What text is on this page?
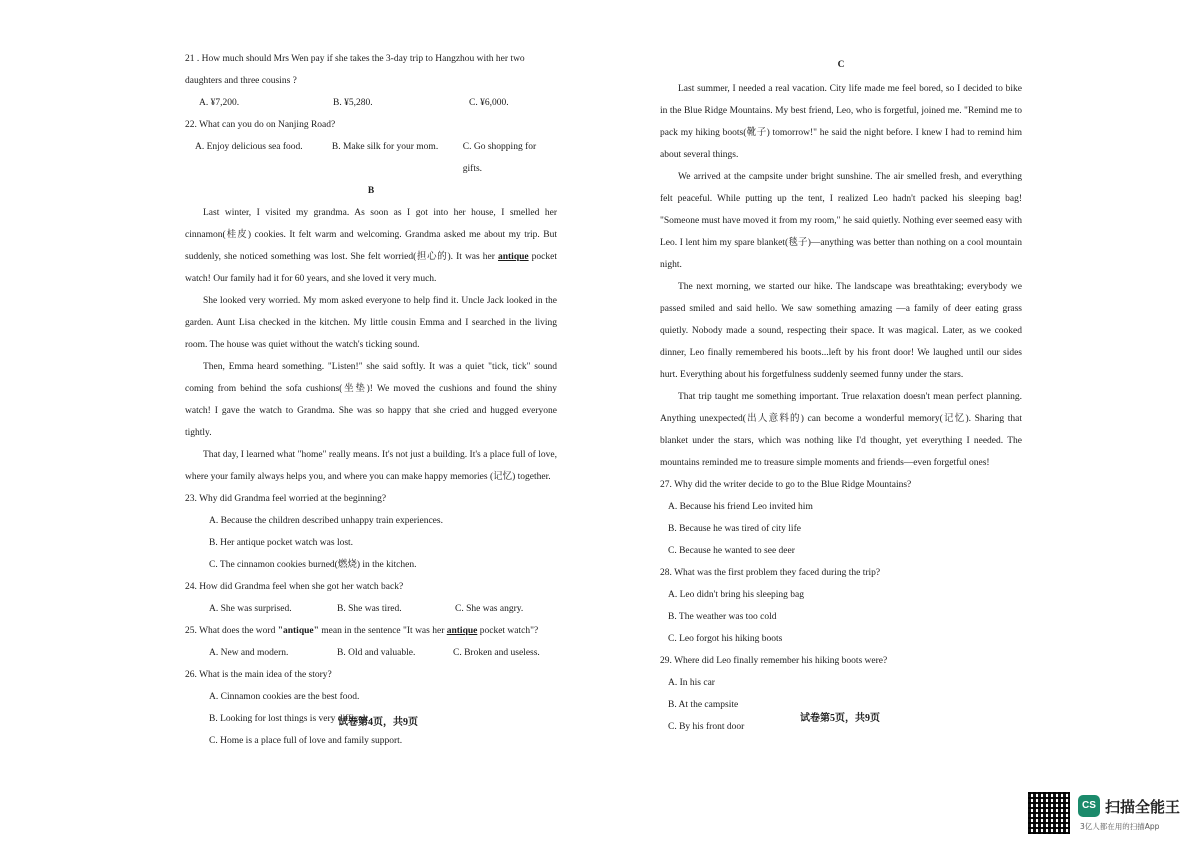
21 . How much should Mrs Wen pay if she takes the 3-day trip to Hangzhou with her two

daughters and three cousins ?

A. ¥7,200.	B. ¥5,280.	C. ¥6,000.

22. What can you do on Nanjing Road?

A. Enjoy delicious sea food.	B. Make silk for your mom.	C. Go shopping for gifts.

B

Last winter, I visited my grandma. As soon as I got into her house, I smelled her cinnamon(桂皮) cookies. It felt warm and welcoming. Grandma asked me about my trip. But suddenly, she noticed something was lost. She felt worried(担心的). It was her antique pocket watch! Our family had it for 60 years, and she loved it very much.

She looked very worried. My mom asked everyone to help find it. Uncle Jack looked in the garden. Aunt Lisa checked in the kitchen. My little cousin Emma and I searched in the living room. The house was quiet without the watch's ticking sound.

Then, Emma heard something. "Listen!" she said softly. It was a quiet "tick, tick" sound coming from behind the sofa cushions(坐垫)! We moved the cushions and found the shiny watch! I gave the watch to Grandma. She was so happy that she cried and hugged everyone tightly.

That day, I learned what "home" really means. It's not just a building. It's a place full of love, where your family always helps you, and where you can make happy memories (记忆) together.

23. Why did Grandma feel worried at the beginning?

A. Because the children described unhappy train experiences.

B. Her antique pocket watch was lost.

C. The cinnamon cookies burned(燃烧) in the kitchen.

24. How did Grandma feel when she got her watch back?

A. She was surprised.	B. She was tired.	C. She was angry.

25. What does the word "antique" mean in the sentence "It was her antique pocket watch"?

A. New and modern.	B. Old and valuable.	C. Broken and useless.

26. What is the main idea of the story?

A. Cinnamon cookies are the best food.

B. Looking for lost things is very difficult.

C. Home is a place full of love and family support.

试卷第4页，共9页

C

Last summer, I needed a real vacation. City life made me feel bored, so I decided to bike in the Blue Ridge Mountains. My best friend, Leo, who is forgetful, joined me. "Remind me to pack my hiking boots(靴子) tomorrow!" he said the night before. I knew I had to remind him about several things.

We arrived at the campsite under bright sunshine. The air smelled fresh, and everything felt peaceful. While putting up the tent, I realized Leo hadn't packed his sleeping bag! "Someone must have moved it from my room," he said quietly. Nothing ever seemed easy with Leo. I lent him my spare blanket(毯子)—anything was better than nothing on a cool mountain night.

The next morning, we started our hike. The landscape was breathtaking; everybody we passed smiled and said hello. We saw something amazing —a family of deer eating grass quietly. Nobody made a sound, respecting their space. It was magical. Later, as we cooked dinner, Leo finally remembered his boots...left by his front door! We laughed until our sides hurt. Everything about his forgetfulness suddenly seemed funny under the stars.

That trip taught me something important. True relaxation doesn't mean perfect planning. Anything unexpected(出人意料的) can become a wonderful memory(记忆). Sharing that blanket under the stars, which was nothing like I'd thought, yet everything I needed. The mountains reminded me to treasure simple moments and friends—even forgetful ones!

27. Why did the writer decide to go to the Blue Ridge Mountains?

A. Because his friend Leo invited him

B. Because he was tired of city life

C. Because he wanted to see deer

28. What was the first problem they faced during the trip?

A. Leo didn't bring his sleeping bag

B. The weather was too cold

C. Leo forgot his hiking boots

29. Where did Leo finally remember his hiking boots were?

A. In his car

B. At the campsite

C. By his front door

试卷第5页，共9页
CS 扫描全能王
3亿人都在用的扫描App
